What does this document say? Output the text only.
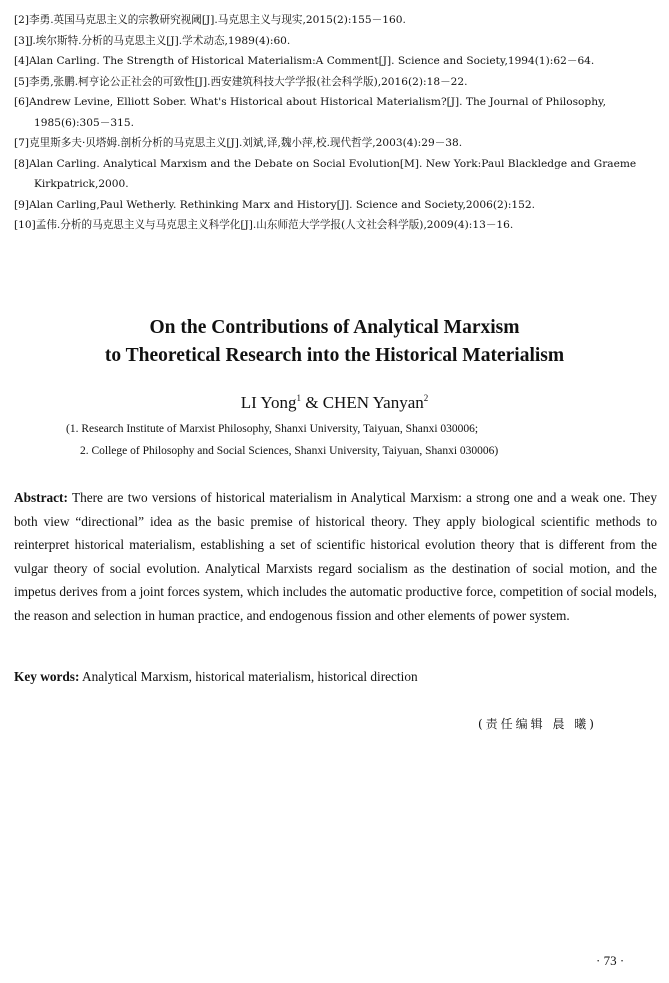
[2]李勇.英国马克思主义的宗教研究视阈[J].马克思主义与现实,2015(2):155－160.
[3]J.埃尔斯特.分析的马克思主义[J].学术动态,1989(4):60.
[4]Alan Carling. The Strength of Historical Materialism:A Comment[J]. Science and Society,1994(1):62－64.
[5]李勇,张鹏.柯亨论公正社会的可致性[J].西安建筑科技大学学报(社会科学版),2016(2):18－22.
[6]Andrew Levine, Elliott Sober. What's Historical about Historical Materialism?[J]. The Journal of Philosophy,
1985(6):305－315.
[7]克里斯多夫·贝塔姆.剖析分析的马克思主义[J].刘斌,译,魏小萍,校.现代哲学,2003(4):29－38.
[8]Alan Carling. Analytical Marxism and the Debate on Social Evolution[M]. New York:Paul Blackledge and Graeme
Kirkpatrick,2000.
[9]Alan Carling,Paul Wetherly. Rethinking Marx and History[J]. Science and Society,2006(2):152.
[10]孟伟.分析的马克思主义与马克思主义科学化[J].山东师范大学学报(人文社会科学版),2009(4):13－16.
On the Contributions of Analytical Marxism
to Theoretical Research into the Historical Materialism
LI Yong$^1$ & CHEN Yanyan$^2$
(1. Research Institute of Marxist Philosophy, Shanxi University, Taiyuan, Shanxi 030006;
2. College of Philosophy and Social Sciences, Shanxi University, Taiyuan, Shanxi 030006)
Abstract: There are two versions of historical materialism in Analytical Marxism: a strong one and a weak one. They both view “directional” idea as the basic premise of historical theory. They apply biological scientific methods to reinterpret historical materialism, establishing a set of scientific historical evolution theory that is different from the vulgar theory of social evolution. Analytical Marxists regard socialism as the destination of social motion, and the impetus derives from a joint forces system, which includes the automatic productive force, competition of social models, the reason and selection in human practice, and endogenous fission and other elements of power system.
Key words: Analytical Marxism, historical materialism, historical direction
(责任编辑 晨 曦)
· 73 ·
